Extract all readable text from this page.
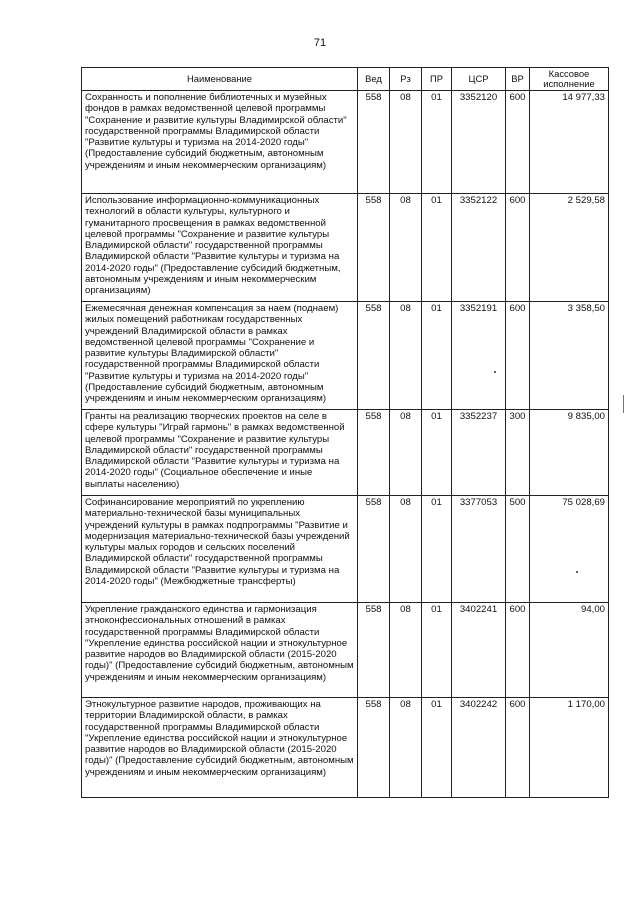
71
Наименование	Вед	Рз	ПР	ЦСР	ВР	Кассовое исполнение
Сохранность и пополнение библиотечных и музейных фондов в рамках ведомственной целевой программы "Сохранение и развитие культуры Владимирской области" государственной программы Владимирской области "Развитие культуры и туризма на 2014-2020 годы" (Предоставление субсидий бюджетным, автономным учреждениям и иным некоммерческим организациям)	558	08	01	3352120	600	14 977,33
Использование информационно-коммуникационных технологий в области культуры, культурного и гуманитарного просвещения в рамках ведомственной целевой программы "Сохранение и развитие культуры Владимирской области" государственной программы Владимирской области "Развитие культуры и туризма на 2014-2020 годы" (Предоставление субсидий бюджетным, автономным учреждениям и иным некоммерческим организациям)	558	08	01	3352122	600	2 529,58
Ежемесячная денежная компенсация за наем (поднаем) жилых помещений работникам государственных учреждений Владимирской области в рамках ведомственной целевой программы "Сохранение и развитие культуры Владимирской области" государственной программы Владимирской области "Развитие культуры и туризма на 2014-2020 годы" (Предоставление субсидий бюджетным, автономным учреждениям и иным некоммерческим организациям)	558	08	01	3352191	600	3 358,50
Гранты на реализацию творческих проектов на селе в сфере культуры "Играй гармонь" в рамках ведомственной целевой программы "Сохранение и развитие культуры Владимирской области" государственной программы Владимирской области "Развитие культуры и туризма на 2014-2020 годы" (Социальное обеспечение и иные выплаты населению)	558	08	01	3352237	300	9 835,00
Софинансирование мероприятий по укреплению материально-технической базы муниципальных учреждений культуры в рамках подпрограммы "Развитие и модернизация материально-технической базы учреждений культуры малых городов и сельских поселений Владимирской области" государственной программы Владимирской области "Развитие культуры и туризма на 2014-2020 годы" (Межбюджетные трансферты)	558	08	01	3377053	500	75 028,69
Укрепление гражданского единства и гармонизация этноконфессиональных отношений в рамках государственной программы Владимирской области "Укрепление единства российской нации и этнокультурное развитие народов во Владимирской области (2015-2020 годы)" (Предоставление субсидий бюджетным, автономным учреждениям и иным некоммерческим организациям)	558	08	01	3402241	600	94,00
Этнокультурное развитие народов, проживающих на территории Владимирской области, в рамках государственной программы Владимирской области "Укрепление единства российской нации и этнокультурное развитие народов во Владимирской области (2015-2020 годы)" (Предоставление субсидий бюджетным, автономным учреждениям и иным некоммерческим организациям)	558	08	01	3402242	600	1 170,00
